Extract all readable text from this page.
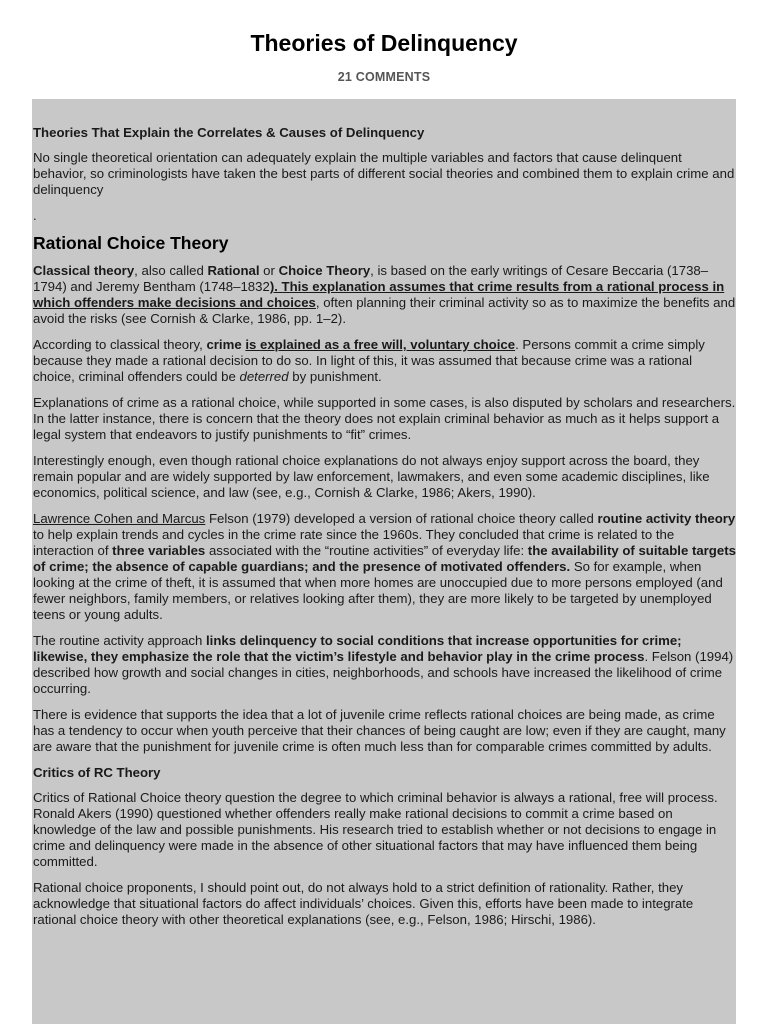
Theories of Delinquency
21 COMMENTS

Theories That Explain the Correlates & Causes of Delinquency

No single theoretical orientation can adequately explain the multiple variables and factors that cause delinquent behavior, so criminologists have taken the best parts of different social theories and combined them to explain crime and delinquency

.

Rational Choice Theory

Classical theory, also called Rational or Choice Theory, is based on the early writings of Cesare Beccaria (1738–1794) and Jeremy Bentham (1748–1832). This explanation assumes that crime results from a rational process in which offenders make decisions and choices, often planning their criminal activity so as to maximize the benefits and avoid the risks (see Cornish & Clarke, 1986, pp. 1–2).

According to classical theory, crime is explained as a free will, voluntary choice. Persons commit a crime simply because they made a rational decision to do so. In light of this, it was assumed that because crime was a rational choice, criminal offenders could be deterred by punishment.

Explanations of crime as a rational choice, while supported in some cases, is also disputed by scholars and researchers. In the latter instance, there is concern that the theory does not explain criminal behavior as much as it helps support a legal system that endeavors to justify punishments to “fit” crimes.

Interestingly enough, even though rational choice explanations do not always enjoy support across the board, they remain popular and are widely supported by law enforcement, lawmakers, and even some academic disciplines, like economics, political science, and law (see, e.g., Cornish & Clarke, 1986; Akers, 1990).

Lawrence Cohen and Marcus Felson (1979) developed a version of rational choice theory called routine activity theory to help explain trends and cycles in the crime rate since the 1960s. They concluded that crime is related to the interaction of three variables associated with the “routine activities” of everyday life: the availability of suitable targets of crime; the absence of capable guardians; and the presence of motivated offenders. So for example, when looking at the crime of theft, it is assumed that when more homes are unoccupied due to more persons employed (and fewer neighbors, family members, or relatives looking after them), they are more likely to be targeted by unemployed teens or young adults.

The routine activity approach links delinquency to social conditions that increase opportunities for crime; likewise, they emphasize the role that the victim’s lifestyle and behavior play in the crime process. Felson (1994) described how growth and social changes in cities, neighborhoods, and schools have increased the likelihood of crime occurring.

There is evidence that supports the idea that a lot of juvenile crime reflects rational choices are being made, as crime has a tendency to occur when youth perceive that their chances of being caught are low; even if they are caught, many are aware that the punishment for juvenile crime is often much less than for comparable crimes committed by adults.

Critics of RC Theory

Critics of Rational Choice theory question the degree to which criminal behavior is always a rational, free will process. Ronald Akers (1990) questioned whether offenders really make rational decisions to commit a crime based on knowledge of the law and possible punishments. His research tried to establish whether or not decisions to engage in crime and delinquency were made in the absence of other situational factors that may have influenced them being committed.

Rational choice proponents, I should point out, do not always hold to a strict definition of rationality. Rather, they acknowledge that situational factors do affect individuals’ choices. Given this, efforts have been made to integrate rational choice theory with other theoretical explanations (see, e.g., Felson, 1986; Hirschi, 1986).
